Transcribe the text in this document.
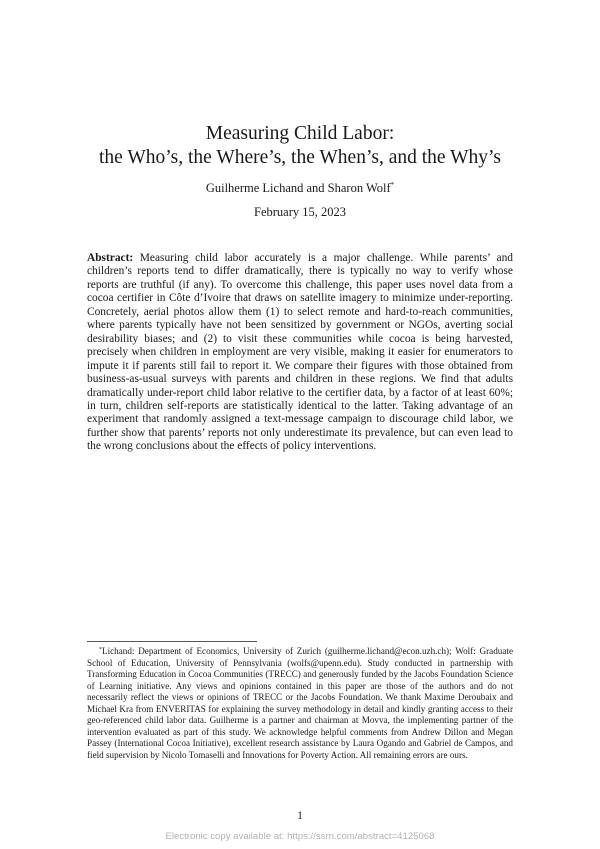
Measuring Child Labor:
the Who’s, the Where’s, the When’s, and the Why’s
Guilherme Lichand and Sharon Wolf*
February 15, 2023
Abstract: Measuring child labor accurately is a major challenge. While parents’ and children’s reports tend to differ dramatically, there is typically no way to verify whose reports are truthful (if any). To overcome this challenge, this paper uses novel data from a cocoa certifier in Côte d’Ivoire that draws on satellite imagery to minimize under-reporting. Concretely, aerial photos allow them (1) to select remote and hard-to-reach communities, where parents typically have not been sensitized by government or NGOs, averting social desirability biases; and (2) to visit these communities while cocoa is being harvested, precisely when children in employment are very visible, making it easier for enumerators to impute it if parents still fail to report it. We compare their figures with those obtained from business-as-usual surveys with parents and children in these regions. We find that adults dramatically under-report child labor relative to the certifier data, by a factor of at least 60%; in turn, children self-reports are statistically identical to the latter. Taking advantage of an experiment that randomly assigned a text-message campaign to discourage child labor, we further show that parents’ reports not only underestimate its prevalence, but can even lead to the wrong conclusions about the effects of policy interventions.
*Lichand: Department of Economics, University of Zurich (guilherme.lichand@econ.uzh.ch); Wolf: Graduate School of Education, University of Pennsylvania (wolfs@upenn.edu). Study conducted in partnership with Transforming Education in Cocoa Communities (TRECC) and generously funded by the Jacobs Foundation Science of Learning initiative. Any views and opinions contained in this paper are those of the authors and do not necessarily reflect the views or opinions of TRECC or the Jacobs Foundation. We thank Maxime Deroubaix and Michael Kra from ENVERITAS for explaining the survey methodology in detail and kindly granting access to their geo-referenced child labor data. Guilherme is a partner and chairman at Movva, the implementing partner of the intervention evaluated as part of this study. We acknowledge helpful comments from Andrew Dillon and Megan Passey (International Cocoa Initiative), excellent research assistance by Laura Ogando and Gabriel de Campos, and field supervision by Nicolo Tomaselli and Innovations for Poverty Action. All remaining errors are ours.
1
Electronic copy available at: https://ssrn.com/abstract=4125068
